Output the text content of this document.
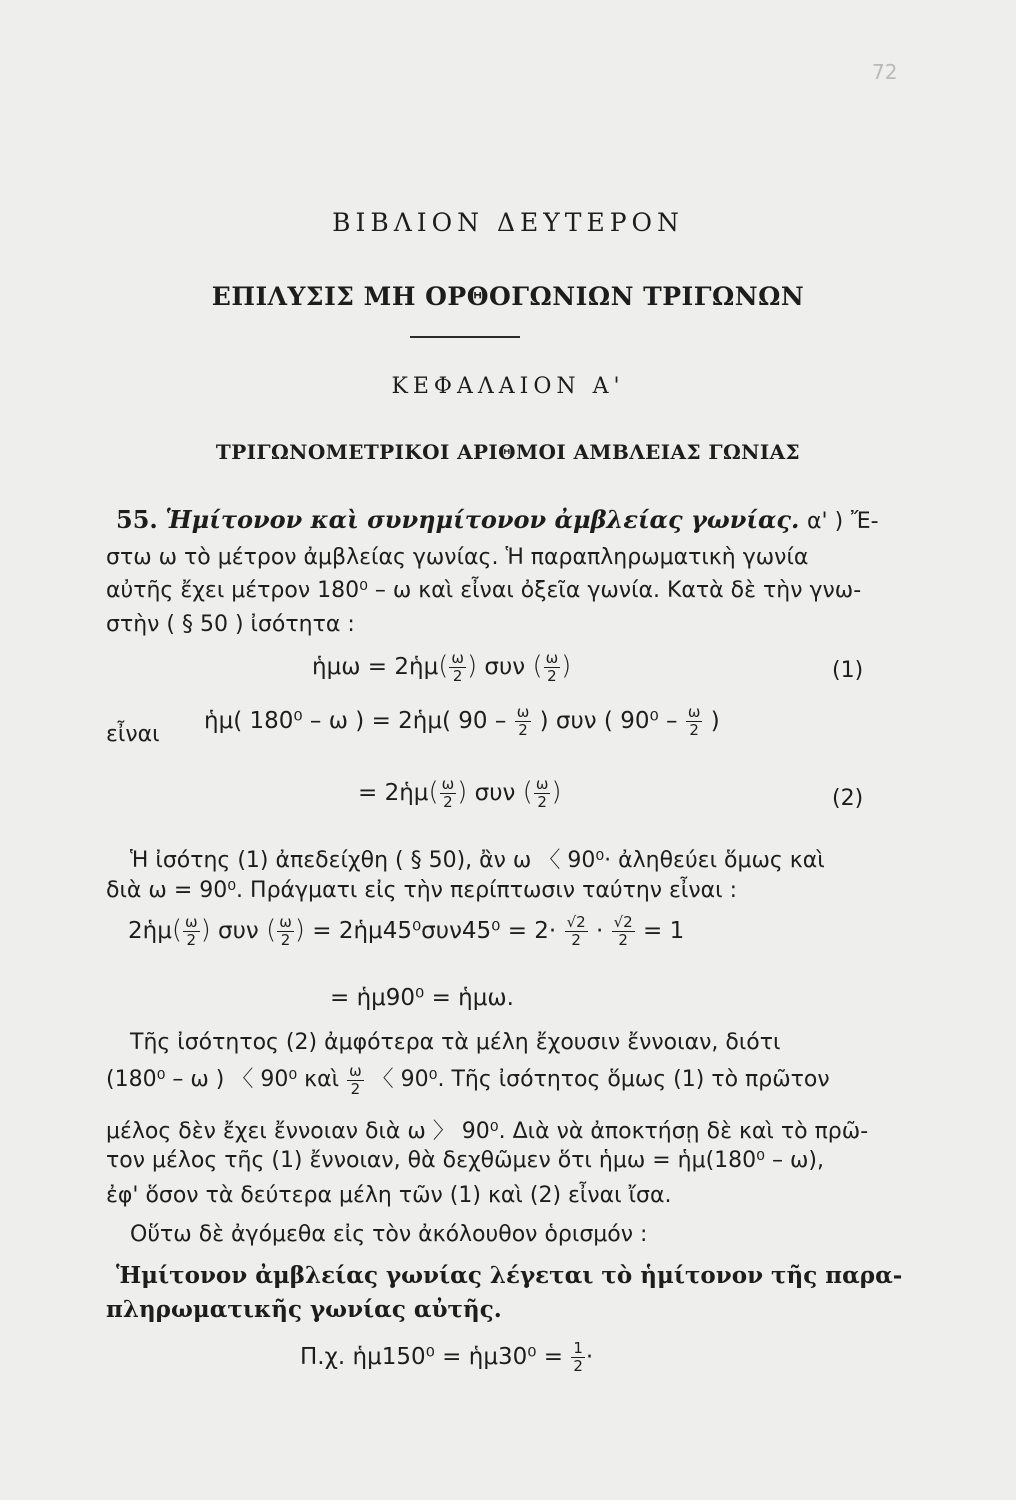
72
ΒΙΒΛΙΟΝ ΔΕΥΤΕΡΟΝ
ΕΠΙΛΥΣΙΣ ΜΗ ΟΡΘΟΓΩΝΙΩΝ ΤΡΙΓΩΝΩΝ
ΚΕΦΑΛΑΙΟΝ Α'
ΤΡΙΓΩΝΟΜΕΤΡΙΚΟΙ ΑΡΙΘΜΟΙ ΑΜΒΛΕΙΑΣ ΓΩΝΙΑΣ
55. Ἡμίτονον καὶ συνημίτονον ἀμβλείας γωνίας. α' ) Ἔ-
στω ω τὸ μέτρον ἀμβλείας γωνίας. Ἡ παραπληρωματικὴ γωνία
αὐτῆς ἔχει μέτρον 180⁰ – ω καὶ εἶναι ὀξεῖα γωνία. Κατὰ δὲ τὴν γνω-
στὴν ( § 50 ) ἰσότητα :
ἡμω = 2ἡμ( $\frac{\omega}{2}$ ) συν ( $\frac{\omega}{2}$ )	(1)
εἶναι
ἡμ( 180⁰ – ω ) = 2ἡμ( $90 - \frac{\omega}{2}$ ) συν ( $90^0 - \frac{\omega}{2}$ )
= 2ἡμ( $\frac{\omega}{2}$ ) συν ( $\frac{\omega}{2}$ )	(2)
Ἡ ἰσότης (1) ἀπεδείχθη ( § 50), ἂν ω 〈 90⁰· ἀληθεύει ὅμως καὶ
διὰ ω = 90⁰. Πράγματι εἰς τὴν περίπτωσιν ταύτην εἶναι :
2ἡμ( $\frac{\omega}{2}$ ) συν ( $\frac{\omega}{2}$ ) = 2ἡμ45⁰συν45⁰ = $2\cdot \frac{√2}{2} \cdot \frac{√2}{2} = 1$
= ἡμ90⁰ = ἡμω.
Τῆς ἰσότητος (2) ἀμφότερα τὰ μέλη ἔχουσιν ἔννοιαν, διότι
(180⁰ – ω ) 〈 90⁰ καὶ $\frac{\omega}{2}$ 〈 90⁰. Τῆς ἰσότητος ὅμως (1) τὸ πρῶτον
μέλος δὲν ἔχει ἔννοιαν διὰ ω 〉 90⁰. Διὰ νὰ ἀποκτήσῃ δὲ καὶ τὸ πρῶ-
τον μέλος τῆς (1) ἔννοιαν, θὰ δεχθῶμεν ὅτι ἡμω = ἡμ(180⁰ – ω),
ἐφ' ὅσον τὰ δεύτερα μέλη τῶν (1) καὶ (2) εἶναι ἴσα.
Οὕτω δὲ ἀγόμεθα εἰς τὸν ἀκόλουθον ὁρισμόν :
Ἡμίτονον ἀμβλείας γωνίας λέγεται τὸ ἡμίτονον τῆς παρα-
πληρωματικῆς γωνίας αὐτῆς.
Π.χ. ἡμ150⁰ = ἡμ30⁰ = $\frac{1}{2}$ ·
